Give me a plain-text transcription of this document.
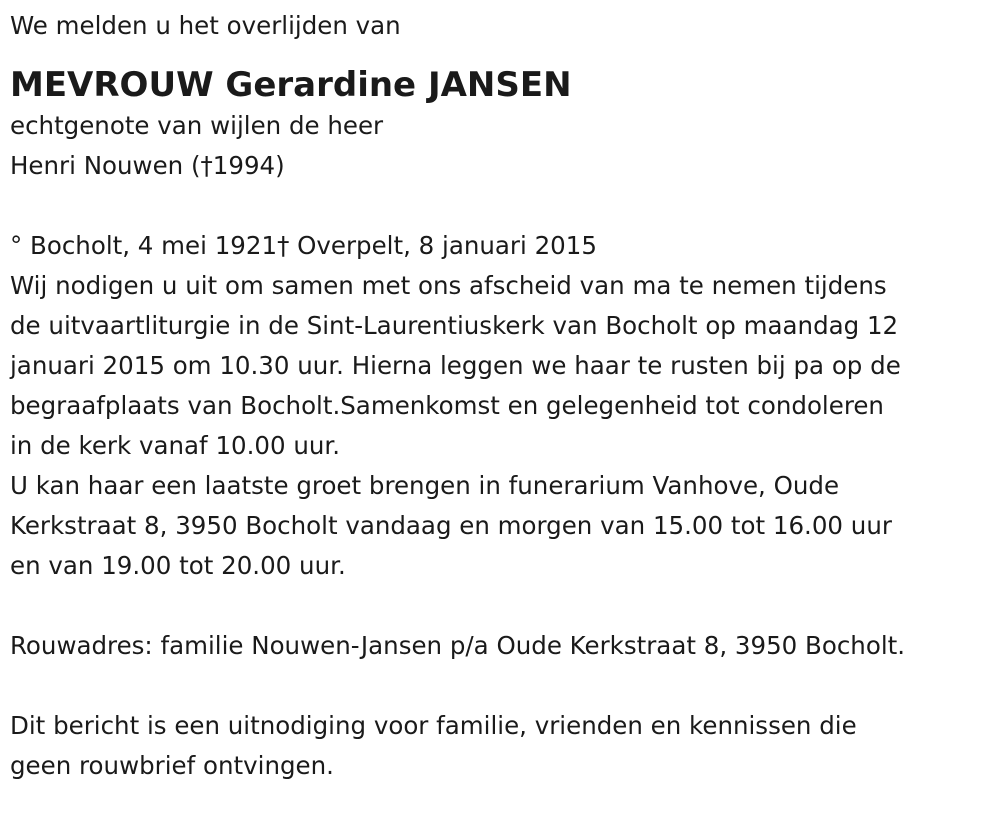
We melden u het overlijden van

MEVROUW Gerardine JANSEN

echtgenote van wijlen de heer

Henri Nouwen (†1994)

° Bocholt, 4 mei 1921† Overpelt, 8 januari 2015

Wij nodigen u uit om samen met ons afscheid van ma te nemen tijdens

de uitvaartliturgie in de Sint-Laurentiuskerk van Bocholt op maandag 12

januari 2015 om 10.30 uur. Hierna leggen we haar te rusten bij pa op de

begraafplaats van Bocholt.Samenkomst en gelegenheid tot condoleren

in de kerk vanaf 10.00 uur.

U kan haar een laatste groet brengen in funerarium Vanhove, Oude

Kerkstraat 8, 3950 Bocholt vandaag en morgen van 15.00 tot 16.00 uur

en van 19.00 tot 20.00 uur.

Rouwadres: familie Nouwen-Jansen p/a Oude Kerkstraat 8, 3950 Bocholt.

Dit bericht is een uitnodiging voor familie, vrienden en kennissen die

geen rouwbrief ontvingen.
